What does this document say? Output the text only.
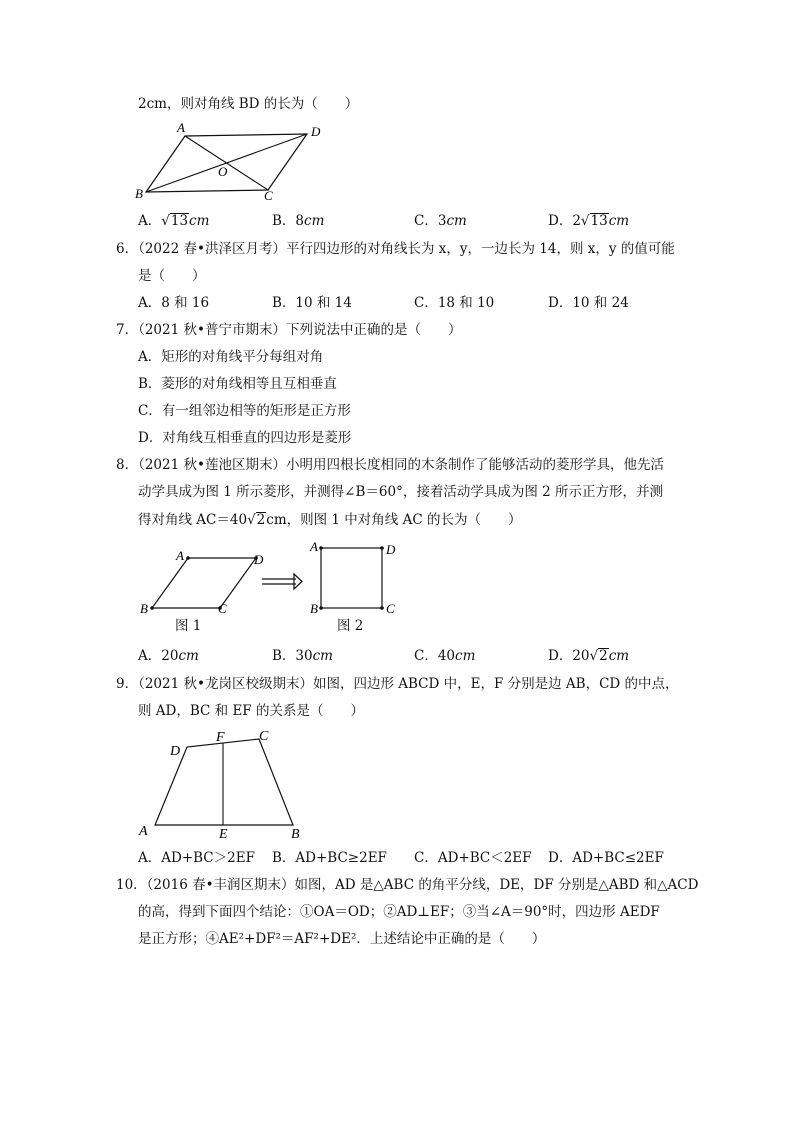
2cm，则对角线 BD 的长为（　　）
A	D
B	C
O
A．√13cm	B．8cm	C．3cm	D．2√13cm
6．（2022 春•洪泽区月考）平行四边形的对角线长为 x，y，一边长为 14，则 x，y 的值可能
是（　　）
A．8 和 16	B．10 和 14	C．18 和 10	D．10 和 24
7．（2021 秋•普宁市期末）下列说法中正确的是（　　）
A．矩形的对角线平分每组对角
B．菱形的对角线相等且互相垂直
C．有一组邻边相等的矩形是正方形
D．对角线互相垂直的四边形是菱形
8．（2021 秋•莲池区期末）小明用四根长度相同的木条制作了能够活动的菱形学具，他先活
动学具成为图 1 所示菱形，并测得∠B＝60°，接着活动学具成为图 2 所示正方形，并测
得对角线 AC＝40√2cm，则图 1 中对角线 AC 的长为（　　）
A	D
B	C
A	D
B	C
图 1	图 2
A．20cm	B．30cm	C．40cm	D．20√2cm
9．（2021 秋•龙岗区校级期末）如图，四边形 ABCD 中，E，F 分别是边 AB，CD 的中点，
则 AD，BC 和 EF 的关系是（　　）
A	B
C
D
E
F
A．AD+BC＞2EF B．AD+BC≥2EF C．AD+BC＜2EF D．AD+BC≤2EF
10．（2016 春•丰润区期末）如图，AD 是△ABC 的角平分线，DE，DF 分别是△ABD 和△ACD
的高，得到下面四个结论：①OA＝OD；②AD⊥EF；③当∠A＝90°时，四边形 AEDF
是正方形；④AE²+DF²＝AF²+DE²．上述结论中正确的是（　　）
